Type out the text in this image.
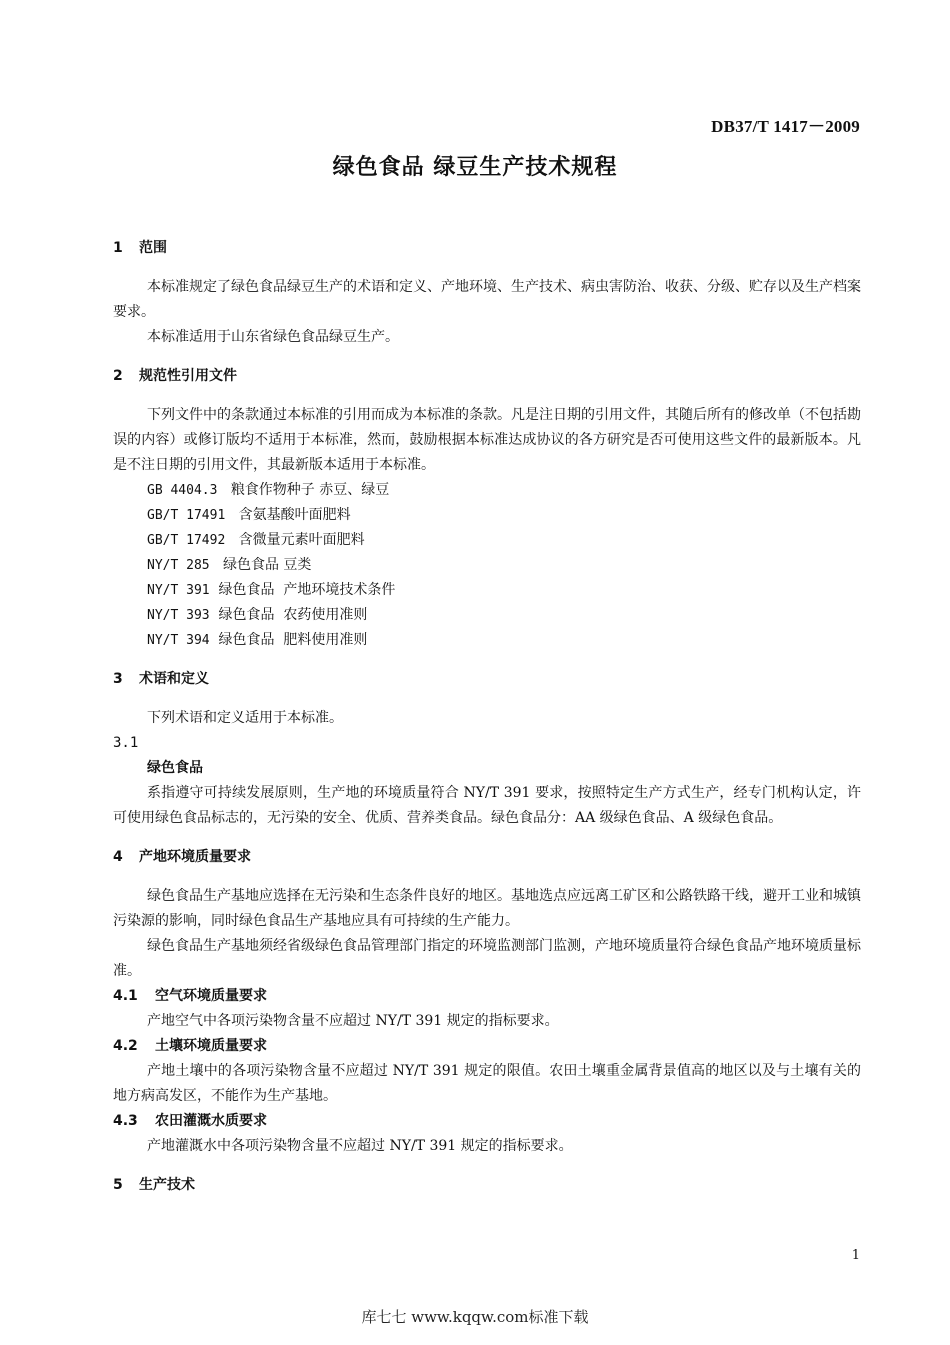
DB37/T 1417－2009
绿色食品 绿豆生产技术规程
1 范围

本标准规定了绿色食品绿豆生产的术语和定义、产地环境、生产技术、病虫害防治、收获、分级、贮存以及生产档案要求。

本标准适用于山东省绿色食品绿豆生产。

2 规范性引用文件

下列文件中的条款通过本标准的引用而成为本标准的条款。凡是注日期的引用文件，其随后所有的修改单（不包括勘误的内容）或修订版均不适用于本标准，然而，鼓励根据本标准达成协议的各方研究是否可使用这些文件的最新版本。凡是不注日期的引用文件，其最新版本适用于本标准。

GB 4404.3 粮食作物种子 赤豆、绿豆

GB/T 17491 含氨基酸叶面肥料

GB/T 17492 含微量元素叶面肥料

NY/T 285 绿色食品 豆类

NY/T 391 绿色食品  产地环境技术条件

NY/T 393 绿色食品  农药使用准则

NY/T 394 绿色食品  肥料使用准则

3 术语和定义

下列术语和定义适用于本标准。

3.1

绿色食品

系指遵守可持续发展原则，生产地的环境质量符合 NY/T 391 要求，按照特定生产方式生产，经专门机构认定，许可使用绿色食品标志的，无污染的安全、优质、营养类食品。绿色食品分：AA 级绿色食品、A 级绿色食品。

4 产地环境质量要求

绿色食品生产基地应选择在无污染和生态条件良好的地区。基地选点应远离工矿区和公路铁路干线，避开工业和城镇污染源的影响，同时绿色食品生产基地应具有可持续的生产能力。

绿色食品生产基地须经省级绿色食品管理部门指定的环境监测部门监测，产地环境质量符合绿色食品产地环境质量标准。

4.1 空气环境质量要求

产地空气中各项污染物含量不应超过 NY/T 391 规定的指标要求。

4.2 土壤环境质量要求

产地土壤中的各项污染物含量不应超过 NY/T 391 规定的限值。农田土壤重金属背景值高的地区以及与土壤有关的地方病高发区，不能作为生产基地。

4.3 农田灌溉水质要求

产地灌溉水中各项污染物含量不应超过 NY/T 391 规定的指标要求。

5 生产技术
1
库七七 www.kqqw.com标准下载
